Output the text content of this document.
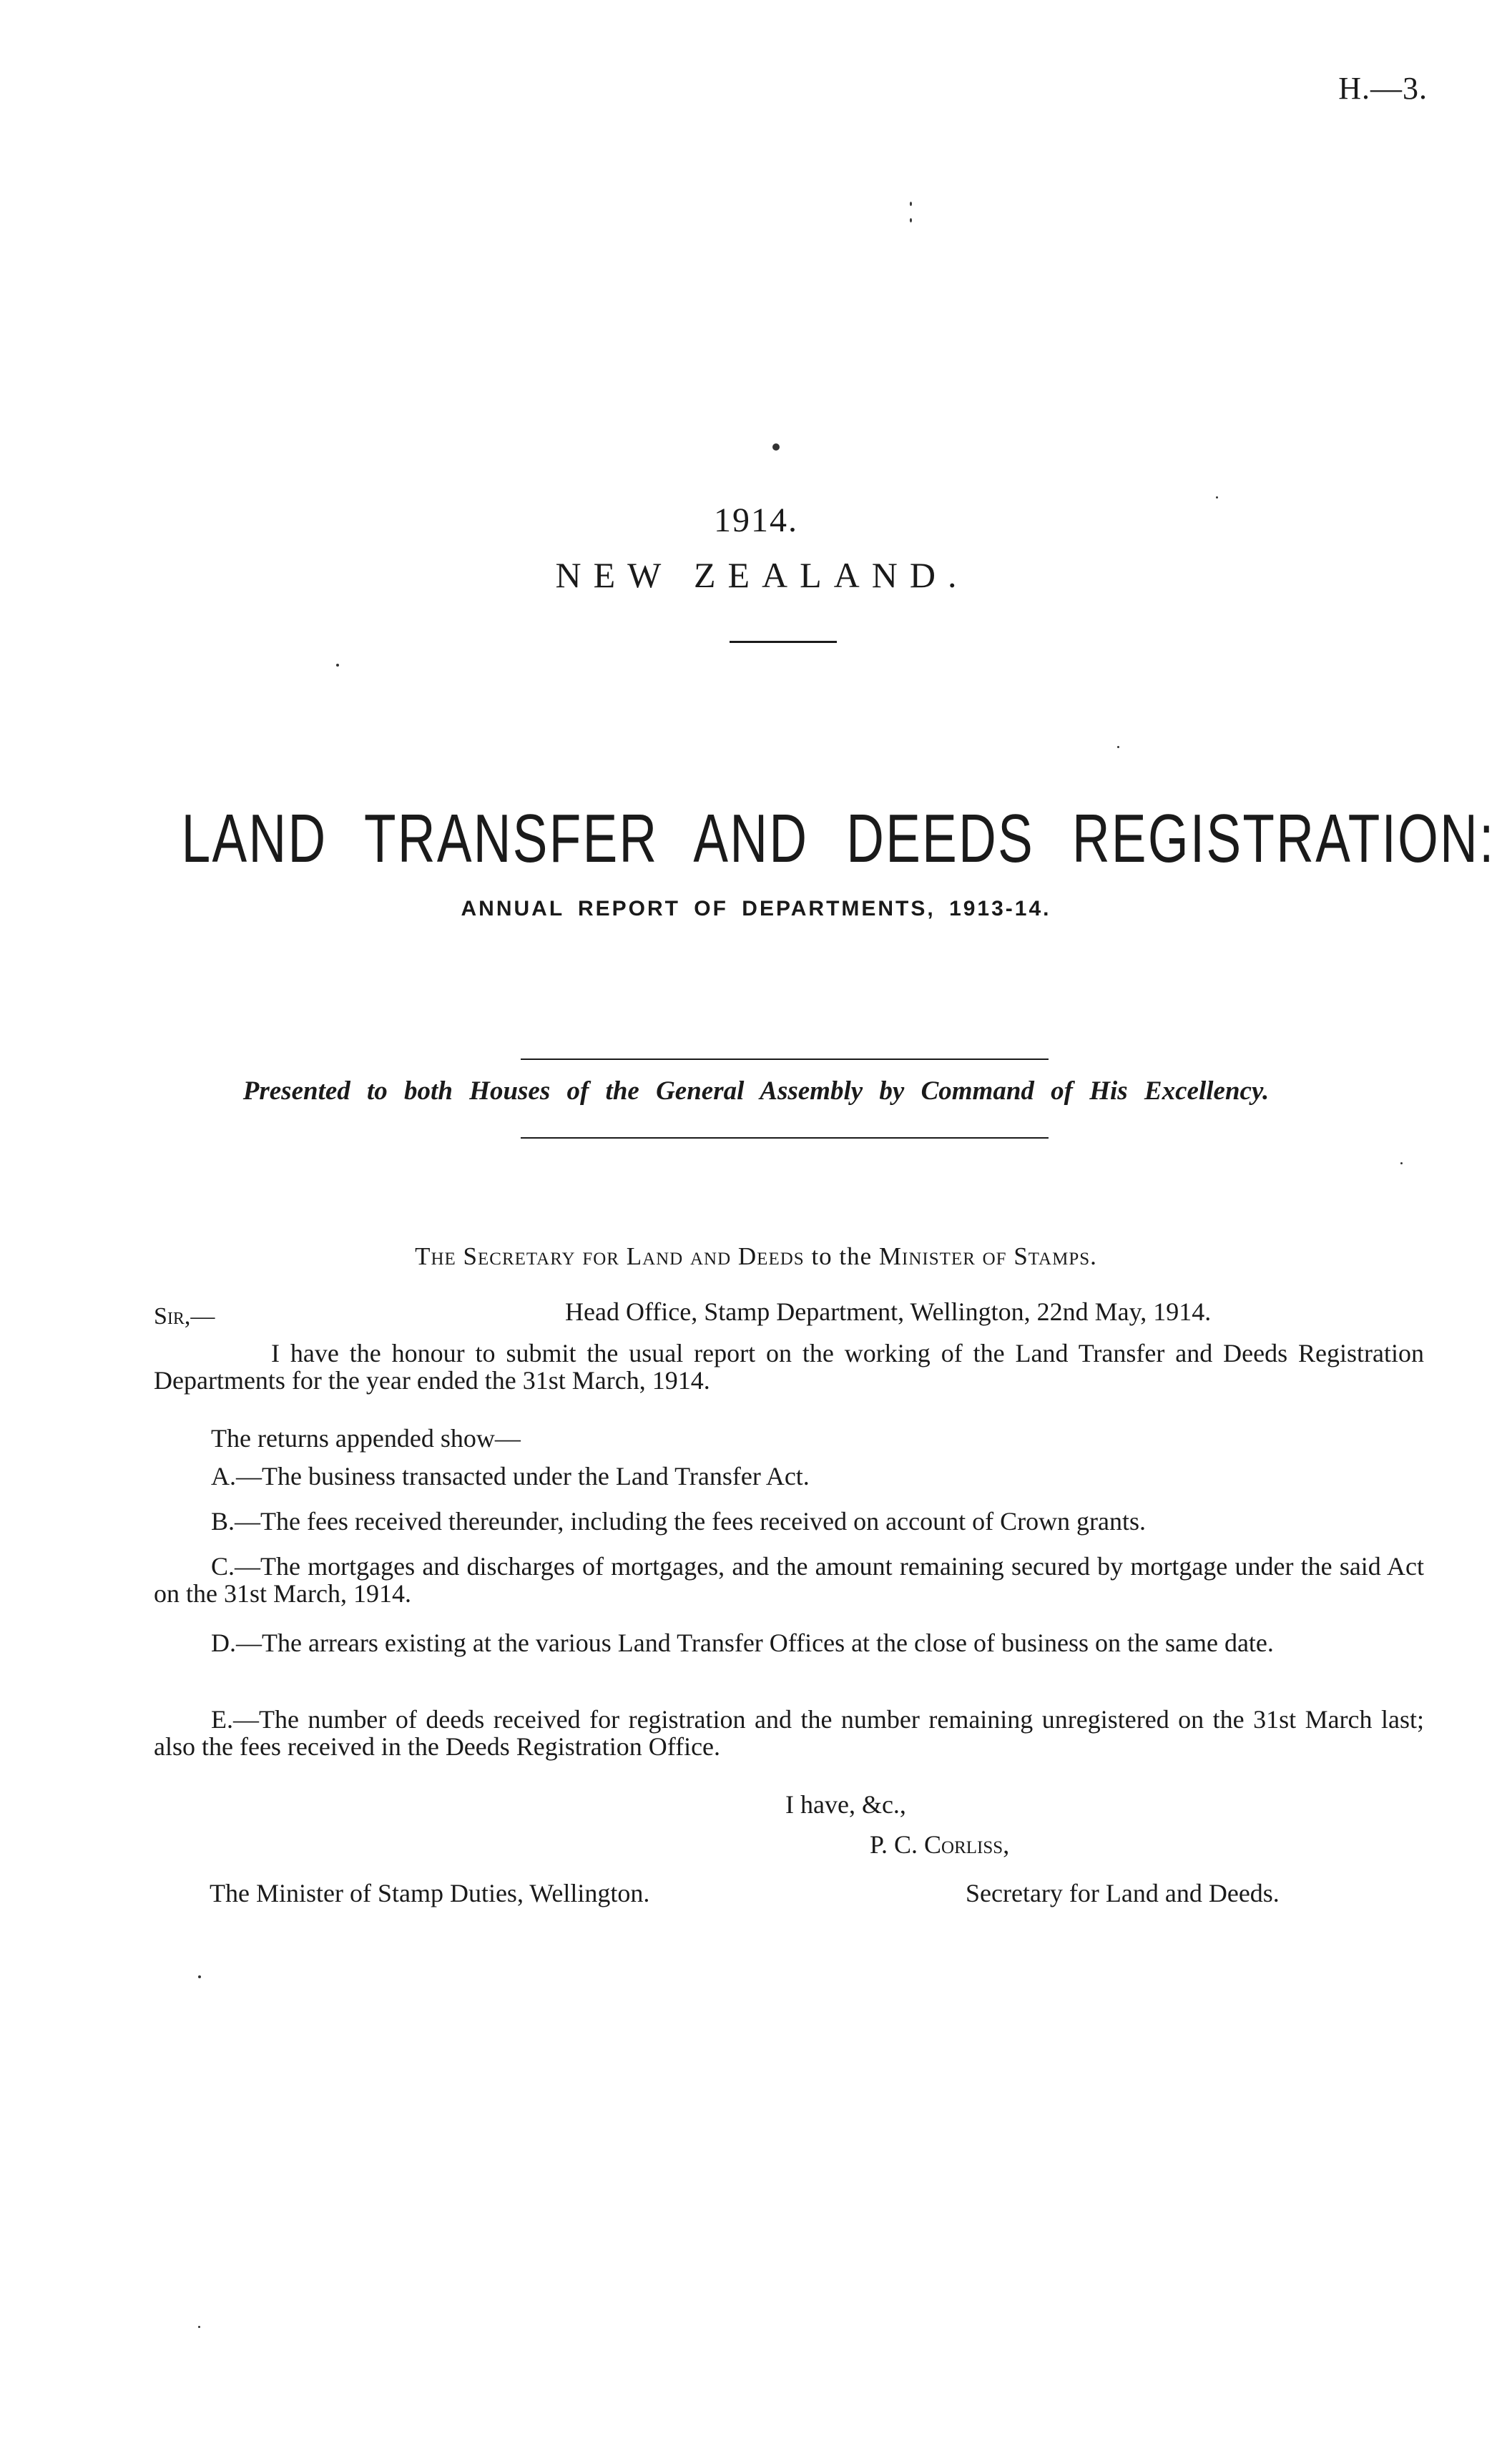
H.—3.
1914.
NEW ZEALAND.
LAND TRANSFER AND DEEDS REGISTRATION:
ANNUAL REPORT OF DEPARTMENTS, 1913-14.
Presented to both Houses of the General Assembly by Command of His Excellency.
The Secretary for Land and Deeds to the Minister of Stamps.
Sir,—	Head Office, Stamp Department, Wellington, 22nd May, 1914.
I have the honour to submit the usual report on the working of the Land Transfer and Deeds Registration Departments for the year ended the 31st March, 1914.
The returns appended show—
A.—The business transacted under the Land Transfer Act.
B.—The fees received thereunder, including the fees received on account of Crown grants.
C.—The mortgages and discharges of mortgages, and the amount remaining secured by mortgage under the said Act on the 31st March, 1914.
D.—The arrears existing at the various Land Transfer Offices at the close of business on the same date.
E.—The number of deeds received for registration and the number remaining unregistered on the 31st March last; also the fees received in the Deeds Registration Office.
I have, &c.,
P. C. Corliss,
The Minister of Stamp Duties, Wellington.	Secretary for Land and Deeds.
